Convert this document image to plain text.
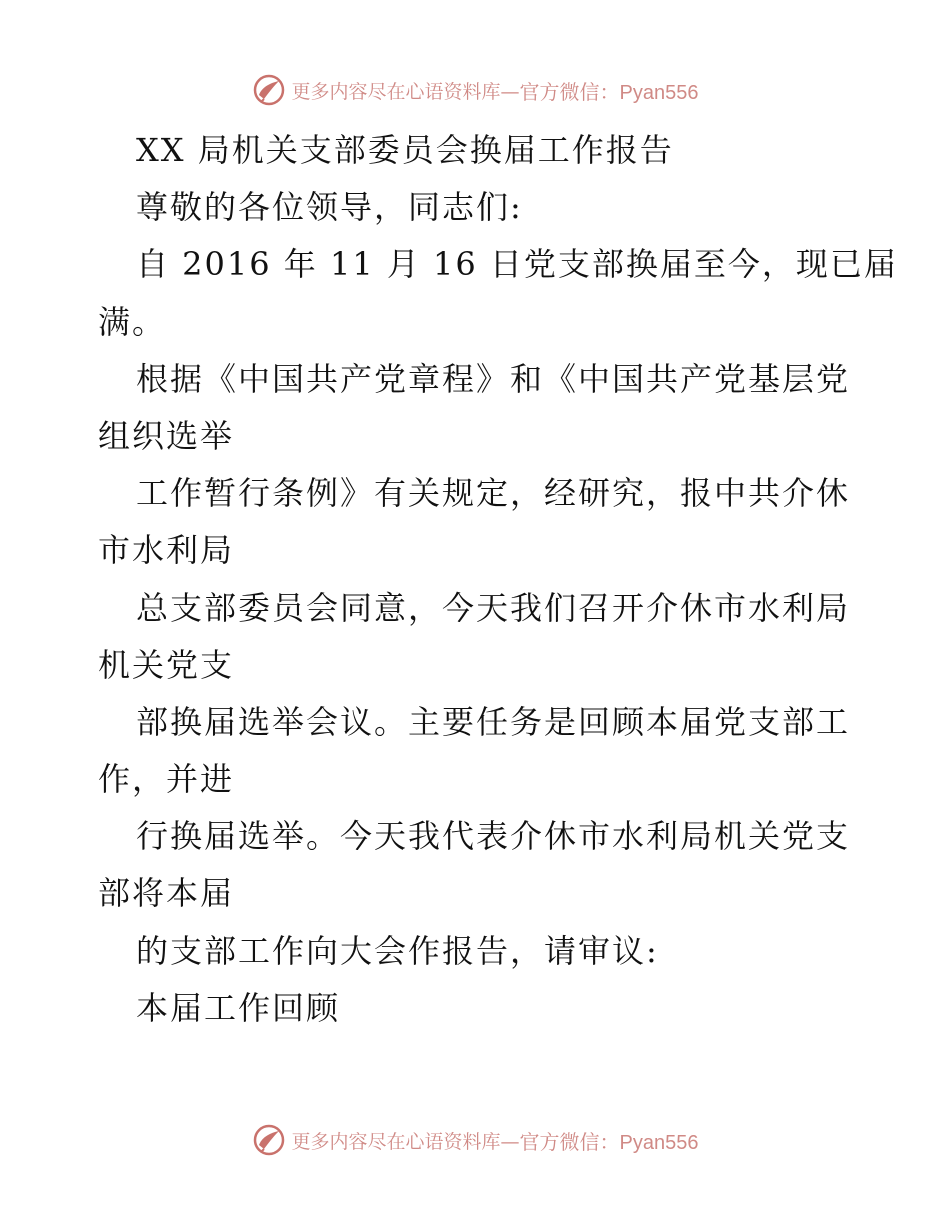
更多内容尽在心语资料库— 官方微信：Pyan556
XX 局机关支部委员会换届工作报告
尊敬的各位领导，同志们:
自 2016 年 11 月 16 日党支部换届至今，现已届
满。
根据《中国共产党章程》和《中国共产党基层党
组织选举
工作暂行条例》有关规定，经研究，报中共介休
市水利局
总支部委员会同意，今天我们召开介休市水利局
机关党支
部换届选举会议。主要任务是回顾本届党支部工
作，并进
行换届选举。今天我代表介休市水利局机关党支
部将本届
的支部工作向大会作报告，请审议:
本届工作回顾
更多内容尽在心语资料库— 官方微信：Pyan556
